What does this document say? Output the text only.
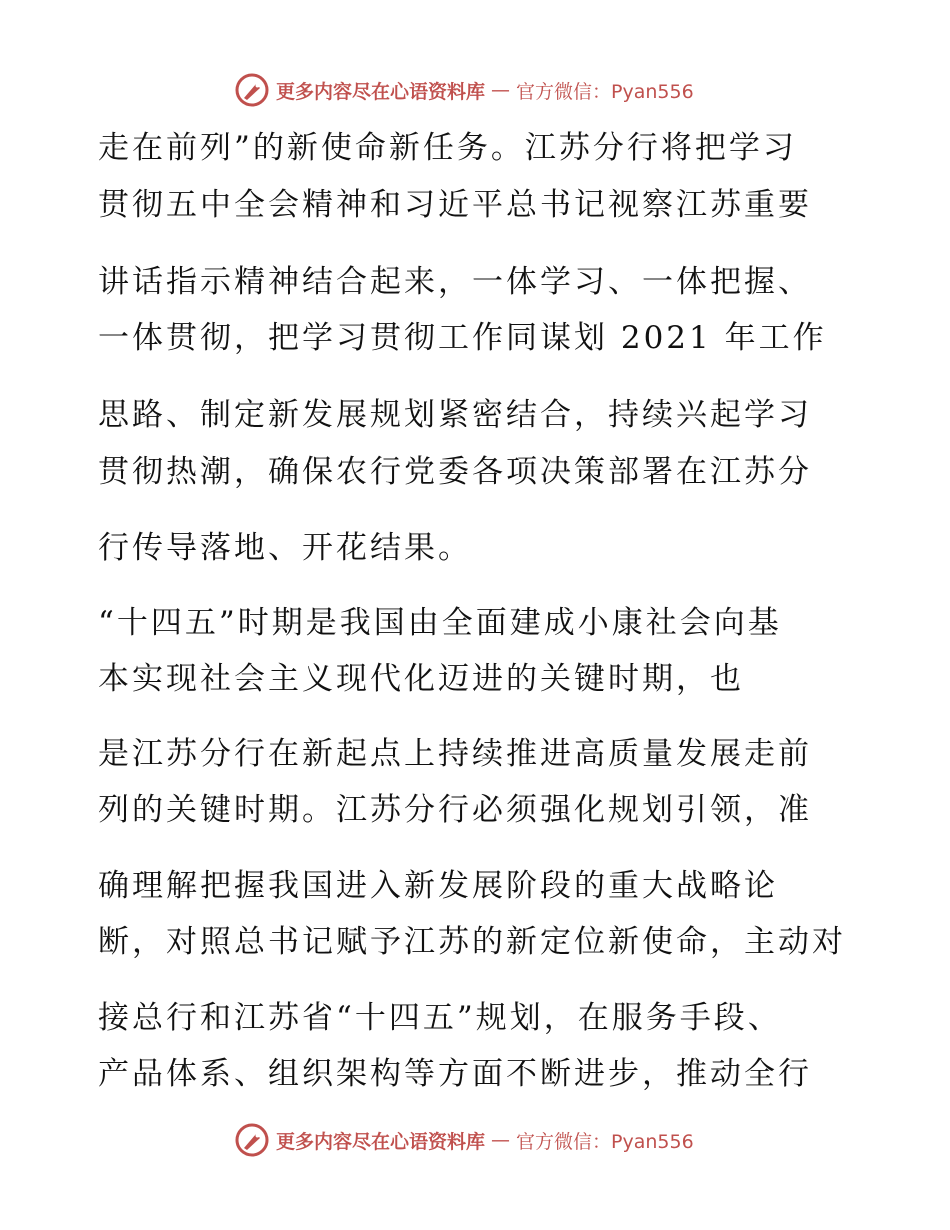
更多内容尽在心语资料库 — 官方微信：Pyan556
走在前列”的新使命新任务。江苏分行将把学习
贯彻五中全会精神和习近平总书记视察江苏重要
讲话指示精神结合起来，一体学习、一体把握、
一体贯彻，把学习贯彻工作同谋划 2021 年工作
思路、制定新发展规划紧密结合，持续兴起学习
贯彻热潮，确保农行党委各项决策部署在江苏分
行传导落地、开花结果。
“十四五”时期是我国由全面建成小康社会向基
本实现社会主义现代化迈进的关键时期，也
是江苏分行在新起点上持续推进高质量发展走前
列的关键时期。江苏分行必须强化规划引领，准
确理解把握我国进入新发展阶段的重大战略论
断，对照总书记赋予江苏的新定位新使命，主动对
接总行和江苏省“十四五”规划，在服务手段、
产品体系、组织架构等方面不断进步，推动全行
更多内容尽在心语资料库 — 官方微信：Pyan556
